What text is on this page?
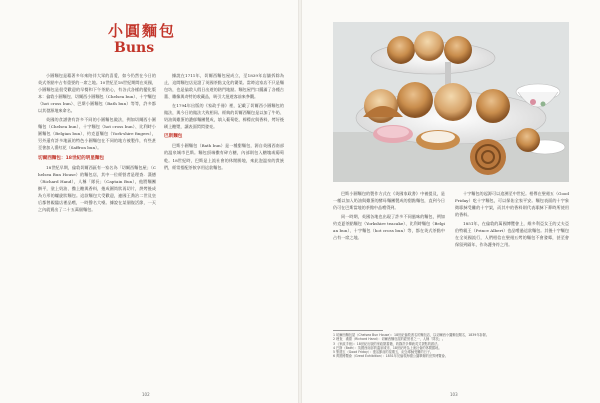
小圓麵包
Buns

小圓麵包是藉著多年來陪伴大眾的喜愛，如今仍然在今日的英式茶點中占有重要的一席之地。10世紀至18世紀期間在英國，小圓麵包是很受歡迎的早餐和下午茶點心，有各式各樣的變化版本：倫敦小圓麵包、切爾西小圓麵包（Chelsea bun）、十字麵包（hot cross bun）、巴斯小圓麵包（Bath bun）等等，許多都以其發源地來命名。

英國的食譜書有許多不同的小圓麵包做法，例如切爾西小圓麵包（Chelsea bun）、十字麵包（hot cross bun）、比利時小圓麵包（Belgian bun）、約克夏麵包（York-shire fingers），另外還有許多地區的特色小圓麵包在不同的地方被製作，有些甚至會加入番紅花（Saffron bun）。

切爾西麵包：18世紀的明星麵包

18世紀早期，倫敦切爾西區有一家名為「切爾西麵包屋」（Chelsea Bun House）的麵包店，其中一位經營者是理查．漢德（Richard Hand），人稱「隊長」（Captain Bun），他將麵團擀平，塗上奶油、撒上糖與香料，捲成圓筒狀再切片，烘烤後成為方形的螺旋狀麵包。這款麵包大受歡迎，連國王喬治二世及皇后都曾親臨店裡品嚐，一時聲名大噪。據說在某個復活節，一天之內就賣出了二十五萬個麵包。

據說在1711年，切爾西麵包屋成立，至1839年店舖拆除為止，這間麵包店見證了英國茶點文化的繁榮。當時這家店不只是麵包坊，也是倫敦人假日出遊的熱門地點。麵包屋門口擺滿了各種古董、雕像與奇特的收藏品，吸引大批遊客前來參觀。

在1794年出版的《家政手冊》裡，記載了切爾西小圓麵包的做法，與今日的做法大致相同。經典的切爾西麵包是以加了牛奶、奶油與雞蛋的濃郁麵團製成，填入葡萄乾、檸檬皮與香料，烤好後刷上糖漿，讓表面閃閃發亮。

巴斯麵包

巴斯小圓麵包（Bath bun）是一種甜麵包，源自英國西南部的溫泉城市巴斯。麵包頂端撒有碎方糖，內部則包入糖塊或葡萄乾。18世紀時，巴斯是上流社會的休閒勝地，來此泡溫泉的貴族們，經常搭配茶飲享用這款麵包。

巴斯小圓麵包的製作方式在《英國家政書》中被提及，是一種以加入奶油與雞蛋的酵母麵團製成的甜點麵包，直到今日仍可在巴斯當地的茶館中品嚐得到。

同一時期，英國各地也出現了許多不同風味的麵包，例如約克夏茶點麵包（Yorkshire teacake）、比利時麵包（Belgian bun）、十字麵包（hot cross bun）等，都在英式茶點中占有一席之地。

十字麵包的起源可以追溯至中世紀。相傳在聖週五（Good Friday）吃十字麵包，可以保佑全家平安。麵包表面的十字象徵耶穌受難的十字架，而其中的香料則代表耶穌下葬時所使用的香料。

1851年，在倫敦的萬國博覽會上，維多利亞女王的丈夫亞伯特親王（Prince Albert）也品嚐過這款麵包。其後十字麵包在全英國流行，人們相信在聖週五烤的麵包不會發霉，甚至會保留到隔年，作為護身符之用。

1 切爾西麵包屋（Chelsea Bun House）：18世紀倫敦著名的麵包店，以切爾西小圓麵包聞名，1839年拆除。
2 理查．漢德（Richard Hand）：切爾西麵包屋的經營者之一，人稱「隊長」。
3 《家政手冊》：18世紀出版的家政類書籍，收錄許多傳統英式茶點的做法。
4 巴斯（Bath）：英國西南部的溫泉城市，18世紀時為上流社會的休閒勝地。
5 聖週五（Good Friday）：復活節前的星期五，紀念耶穌受難的日子。
6 萬國博覽會（Great Exhibition）：1851年於倫敦海德公園舉辦的世界博覽會。
102	103
